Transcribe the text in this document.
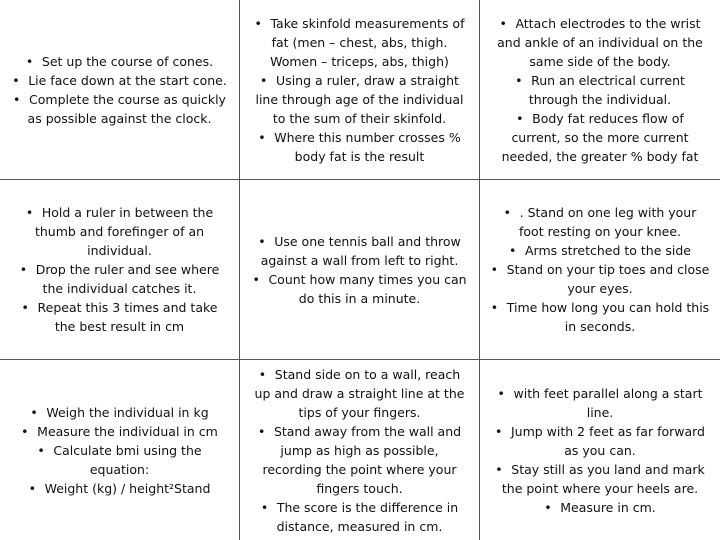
• Set up the course of cones.
• Lie face down at the start cone.
• Complete the course as quickly as possible against the clock.
• Take skinfold measurements of fat (men – chest, abs, thigh. Women – triceps, abs, thigh)
• Using a ruler, draw a straight line through age of the individual to the sum of their skinfold.
• Where this number crosses % body fat is the result
• Attach electrodes to the wrist and ankle of an individual on the same side of the body.
• Run an electrical current through the individual.
• Body fat reduces flow of current, so the more current needed, the greater % body fat
• Hold a ruler in between the thumb and forefinger of an individual.
• Drop the ruler and see where the individual catches it.
• Repeat this 3 times and take the best result in cm
• Use one tennis ball and throw against a wall from left to right.
• Count how many times you can do this in a minute.
• . Stand on one leg with your foot resting on your knee.
• Arms stretched to the side
• Stand on your tip toes and close your eyes.
• Time how long you can hold this in seconds.
• Weigh the individual in kg
• Measure the individual in cm
• Calculate bmi using the equation:
• Weight (kg) / height²Stand
• Stand side on to a wall, reach up and draw a straight line at the tips of your fingers.
• Stand away from the wall and jump as high as possible, recording the point where your fingers touch.
• The score is the difference in distance, measured in cm.
• with feet parallel along a start line.
• Jump with 2 feet as far forward as you can.
• Stay still as you land and mark the point where your heels are.
• Measure in cm.
